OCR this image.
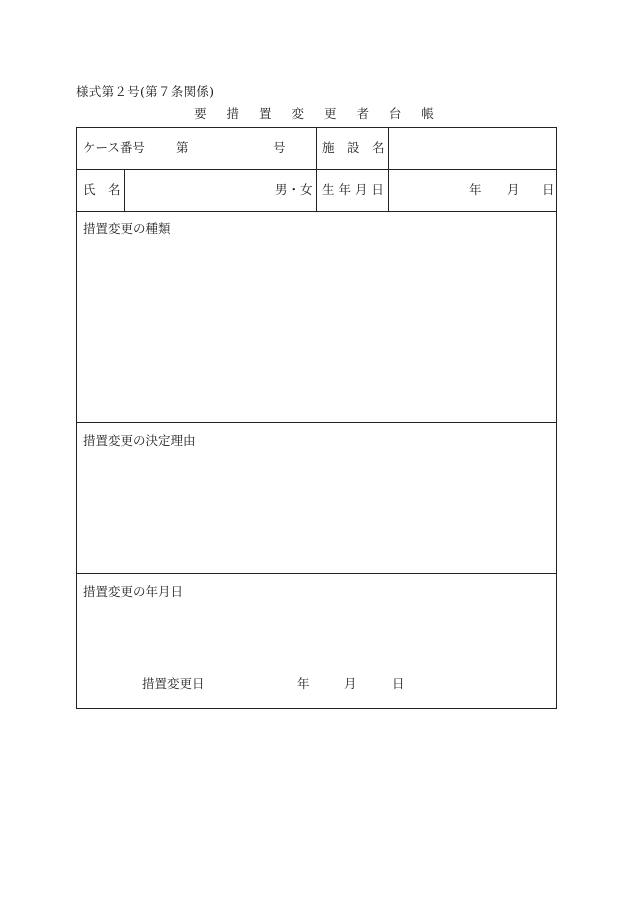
様式第２号(第７条関係)
要 措 置 変 更 者 台 帳
ケース番号 第	号	施　設　名
氏　名	男・女 生 年 月 日	年 月 日
措置変更の種類
措置変更の決定理由
措置変更の年月日
措置変更日	年	月	日
